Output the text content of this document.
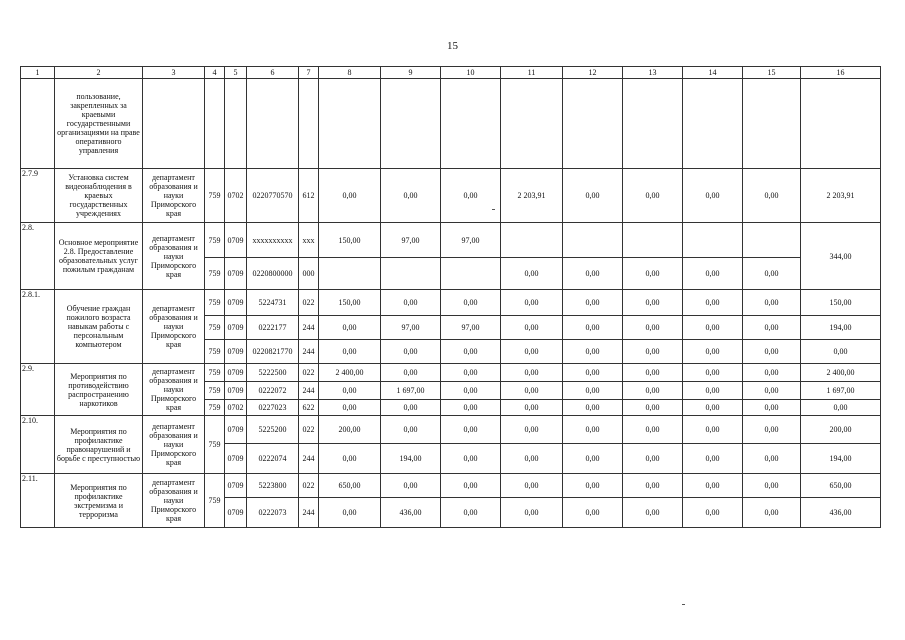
15
1	2	3	4	5	6	7	8	9	10	11	12	13	14	15	16
	пользование, закрепленных за краевыми государственными организациями на праве оперативного управления														
2.7.9	Установка систем видеонаблюдения в краевых государственных учреждениях	департамент образования и науки Приморского края	759	0702	0220770570	612	0,00	0,00	0,00	2 203,91	0,00	0,00	0,00	0,00	2 203,91
2.8.	Основное мероприятие 2.8. Предоставление образовательных услуг пожилым гражданам	департамент образования и науки Приморского края	759	0709	xxxxxxxxxx	xxx	150,00	97,00	97,00						344,00
			759	0709	0220800000	000				0,00	0,00	0,00	0,00	0,00	
2.8.1.	Обучение граждан пожилого возраста навыкам работы с персональным компьютером	департамент образования и науки Приморского края	759	0709	5224731	022	150,00	0,00	0,00	0,00	0,00	0,00	0,00	0,00	150,00
			759	0709	0222177	244	0,00	97,00	97,00	0,00	0,00	0,00	0,00	0,00	194,00
			759	0709	0220821770	244	0,00	0,00	0,00	0,00	0,00	0,00	0,00	0,00	0,00
2.9.	Мероприятия по противодействию распространению наркотиков	департамент образования и науки Приморского края	759	0709	5222500	022	2 400,00	0,00	0,00	0,00	0,00	0,00	0,00	0,00	2 400,00
			759	0709	0222072	244	0,00	1 697,00	0,00	0,00	0,00	0,00	0,00	0,00	1 697,00
			759	0702	0227023	622	0,00	0,00	0,00	0,00	0,00	0,00	0,00	0,00	0,00
2.10.	Мероприятия по профилактике правонарушений и борьбе с преступностью	департамент образования и науки Приморского края	759	0709	5225200	022	200,00	0,00	0,00	0,00	0,00	0,00	0,00	0,00	200,00
				0709	0222074	244	0,00	194,00	0,00	0,00	0,00	0,00	0,00	0,00	194,00
2.11.	Мероприятия по профилактике экстремизма и терроризма	департамент образования и науки Приморского края	759	0709	5223800	022	650,00	0,00	0,00	0,00	0,00	0,00	0,00	0,00	650,00
				0709	0222073	244	0,00	436,00	0,00	0,00	0,00	0,00	0,00	0,00	436,00
